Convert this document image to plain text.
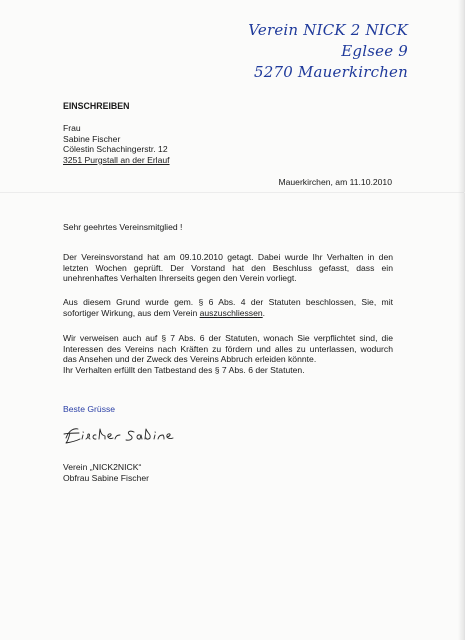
Verein NICK 2 NICK
Eglsee 9
5270 Mauerkirchen
EINSCHREIBEN
Frau
Sabine Fischer
Cölestin Schachingerstr. 12
3251 Purgstall an der Erlauf
Mauerkirchen, am 11.10.2010
Sehr geehrtes Vereinsmitglied !
Der Vereinsvorstand hat am 09.10.2010 getagt. Dabei wurde Ihr Verhalten in den
letzten Wochen geprüft. Der Vorstand hat den Beschluss gefasst, dass ein
unehrenhaftes Verhalten Ihrerseits gegen den Verein vorliegt.
Aus diesem Grund wurde gem. § 6 Abs. 4 der Statuten beschlossen, Sie, mit
sofortiger Wirkung, aus dem Verein auszuschliessen.
Wir verweisen auch auf § 7 Abs. 6 der Statuten, wonach Sie verpflichtet sind, die
Interessen des Vereins nach Kräften zu fördern und alles zu unterlassen, wodurch
das Ansehen und der Zweck des Vereins Abbruch erleiden könnte.
Ihr Verhalten erfüllt den Tatbestand des § 7 Abs. 6 der Statuten.
Beste Grüsse
Verein „NICK2NICK“
Obfrau Sabine Fischer
